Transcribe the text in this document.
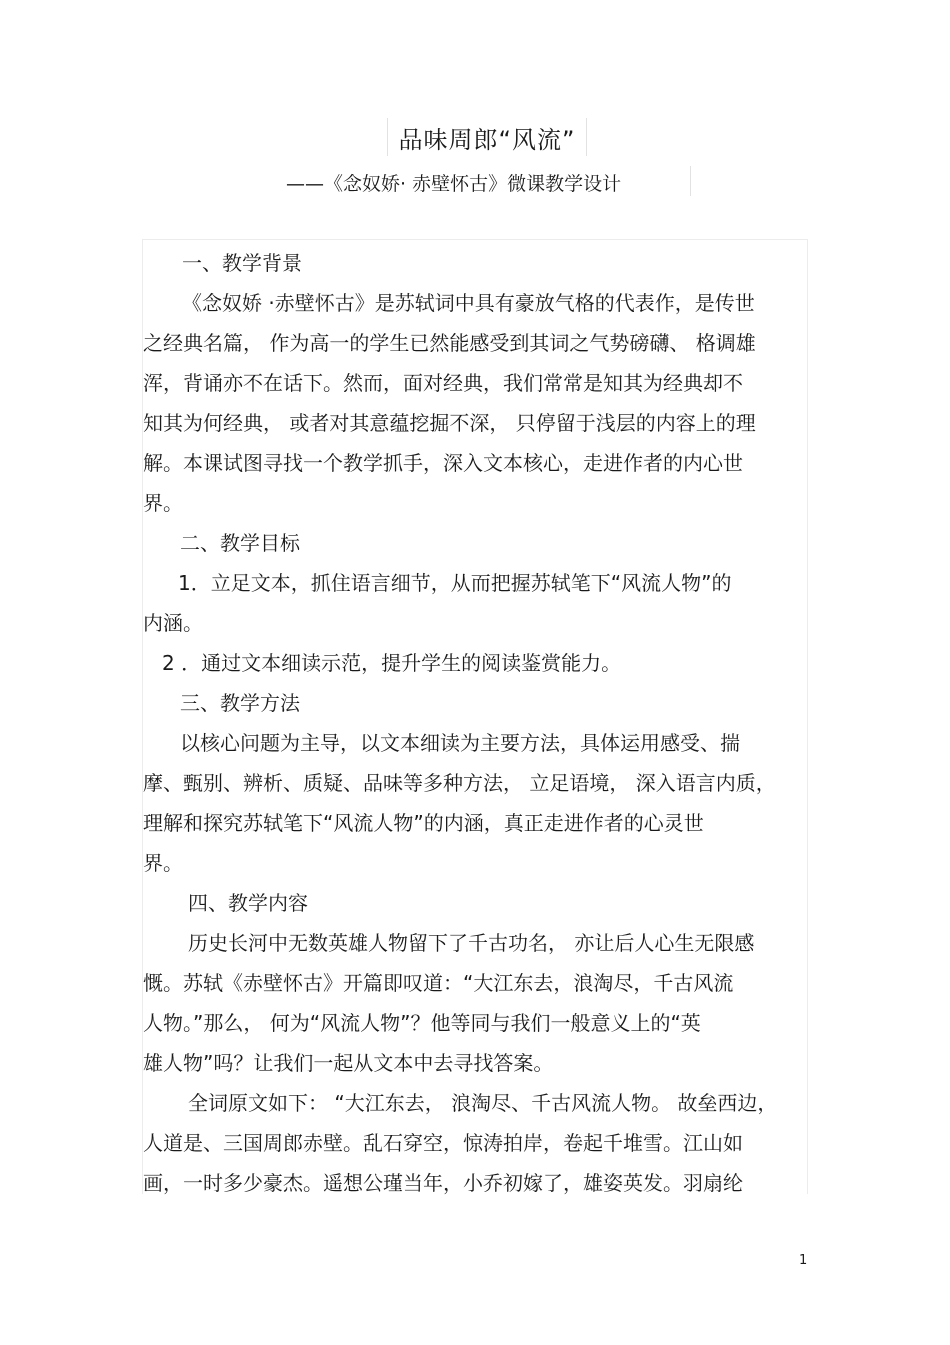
品味周郎“风流”
——《念奴娇· 赤壁怀古》微课教学设计
一、教学背景
《念奴娇 ·赤壁怀古》是苏轼词中具有豪放气格的代表作，是传世
之经典名篇， 作为高一的学生已然能感受到其词之气势磅礴、 格调雄
浑，背诵亦不在话下。然而，面对经典，我们常常是知其为经典却不
知其为何经典， 或者对其意蕴挖掘不深， 只停留于浅层的内容上的理
解。本课试图寻找一个教学抓手，深入文本核心，走进作者的内心世
界。
二、教学目标
1．立足文本，抓住语言细节，从而把握苏轼笔下“风流人物”的
内涵。
2 ．通过文本细读示范，提升学生的阅读鉴赏能力。
三、教学方法
以核心问题为主导，以文本细读为主要方法，具体运用感受、揣
摩、甄别、辨析、质疑、品味等多种方法， 立足语境， 深入语言内质，
理解和探究苏轼笔下“风流人物”的内涵，真正走进作者的心灵世
界。
四、教学内容
历史长河中无数英雄人物留下了千古功名， 亦让后人心生无限感
慨。苏轼《赤壁怀古》开篇即叹道：“大江东去，浪淘尽，千古风流
人物。”那么， 何为“风流人物”？他等同与我们一般意义上的“英
雄人物”吗？让我们一起从文本中去寻找答案。
全词原文如下： “大江东去， 浪淘尽、千古风流人物。 故垒西边，
人道是、三国周郎赤壁。乱石穿空，惊涛拍岸，卷起千堆雪。江山如
画，一时多少豪杰。遥想公瑾当年，小乔初嫁了，雄姿英发。羽扇纶
1
